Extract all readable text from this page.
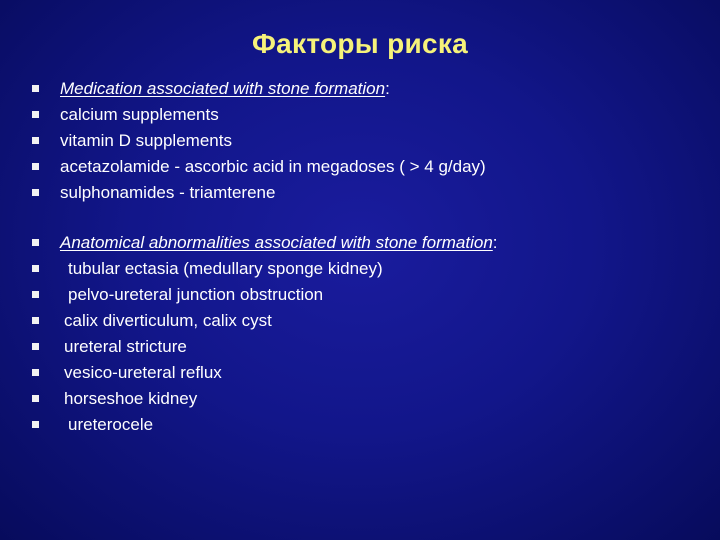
Факторы риска

Medication associated with stone formation:

calcium supplements

vitamin D supplements

acetazolamide - ascorbic acid in megadoses ( > 4 g/day)

sulphonamides - triamterene

Anatomical abnormalities associated with stone formation:

tubular ectasia (medullary sponge kidney)

pelvo-ureteral junction obstruction

calix diverticulum, calix cyst

ureteral stricture

vesico-ureteral reflux

horseshoe kidney

ureterocele
